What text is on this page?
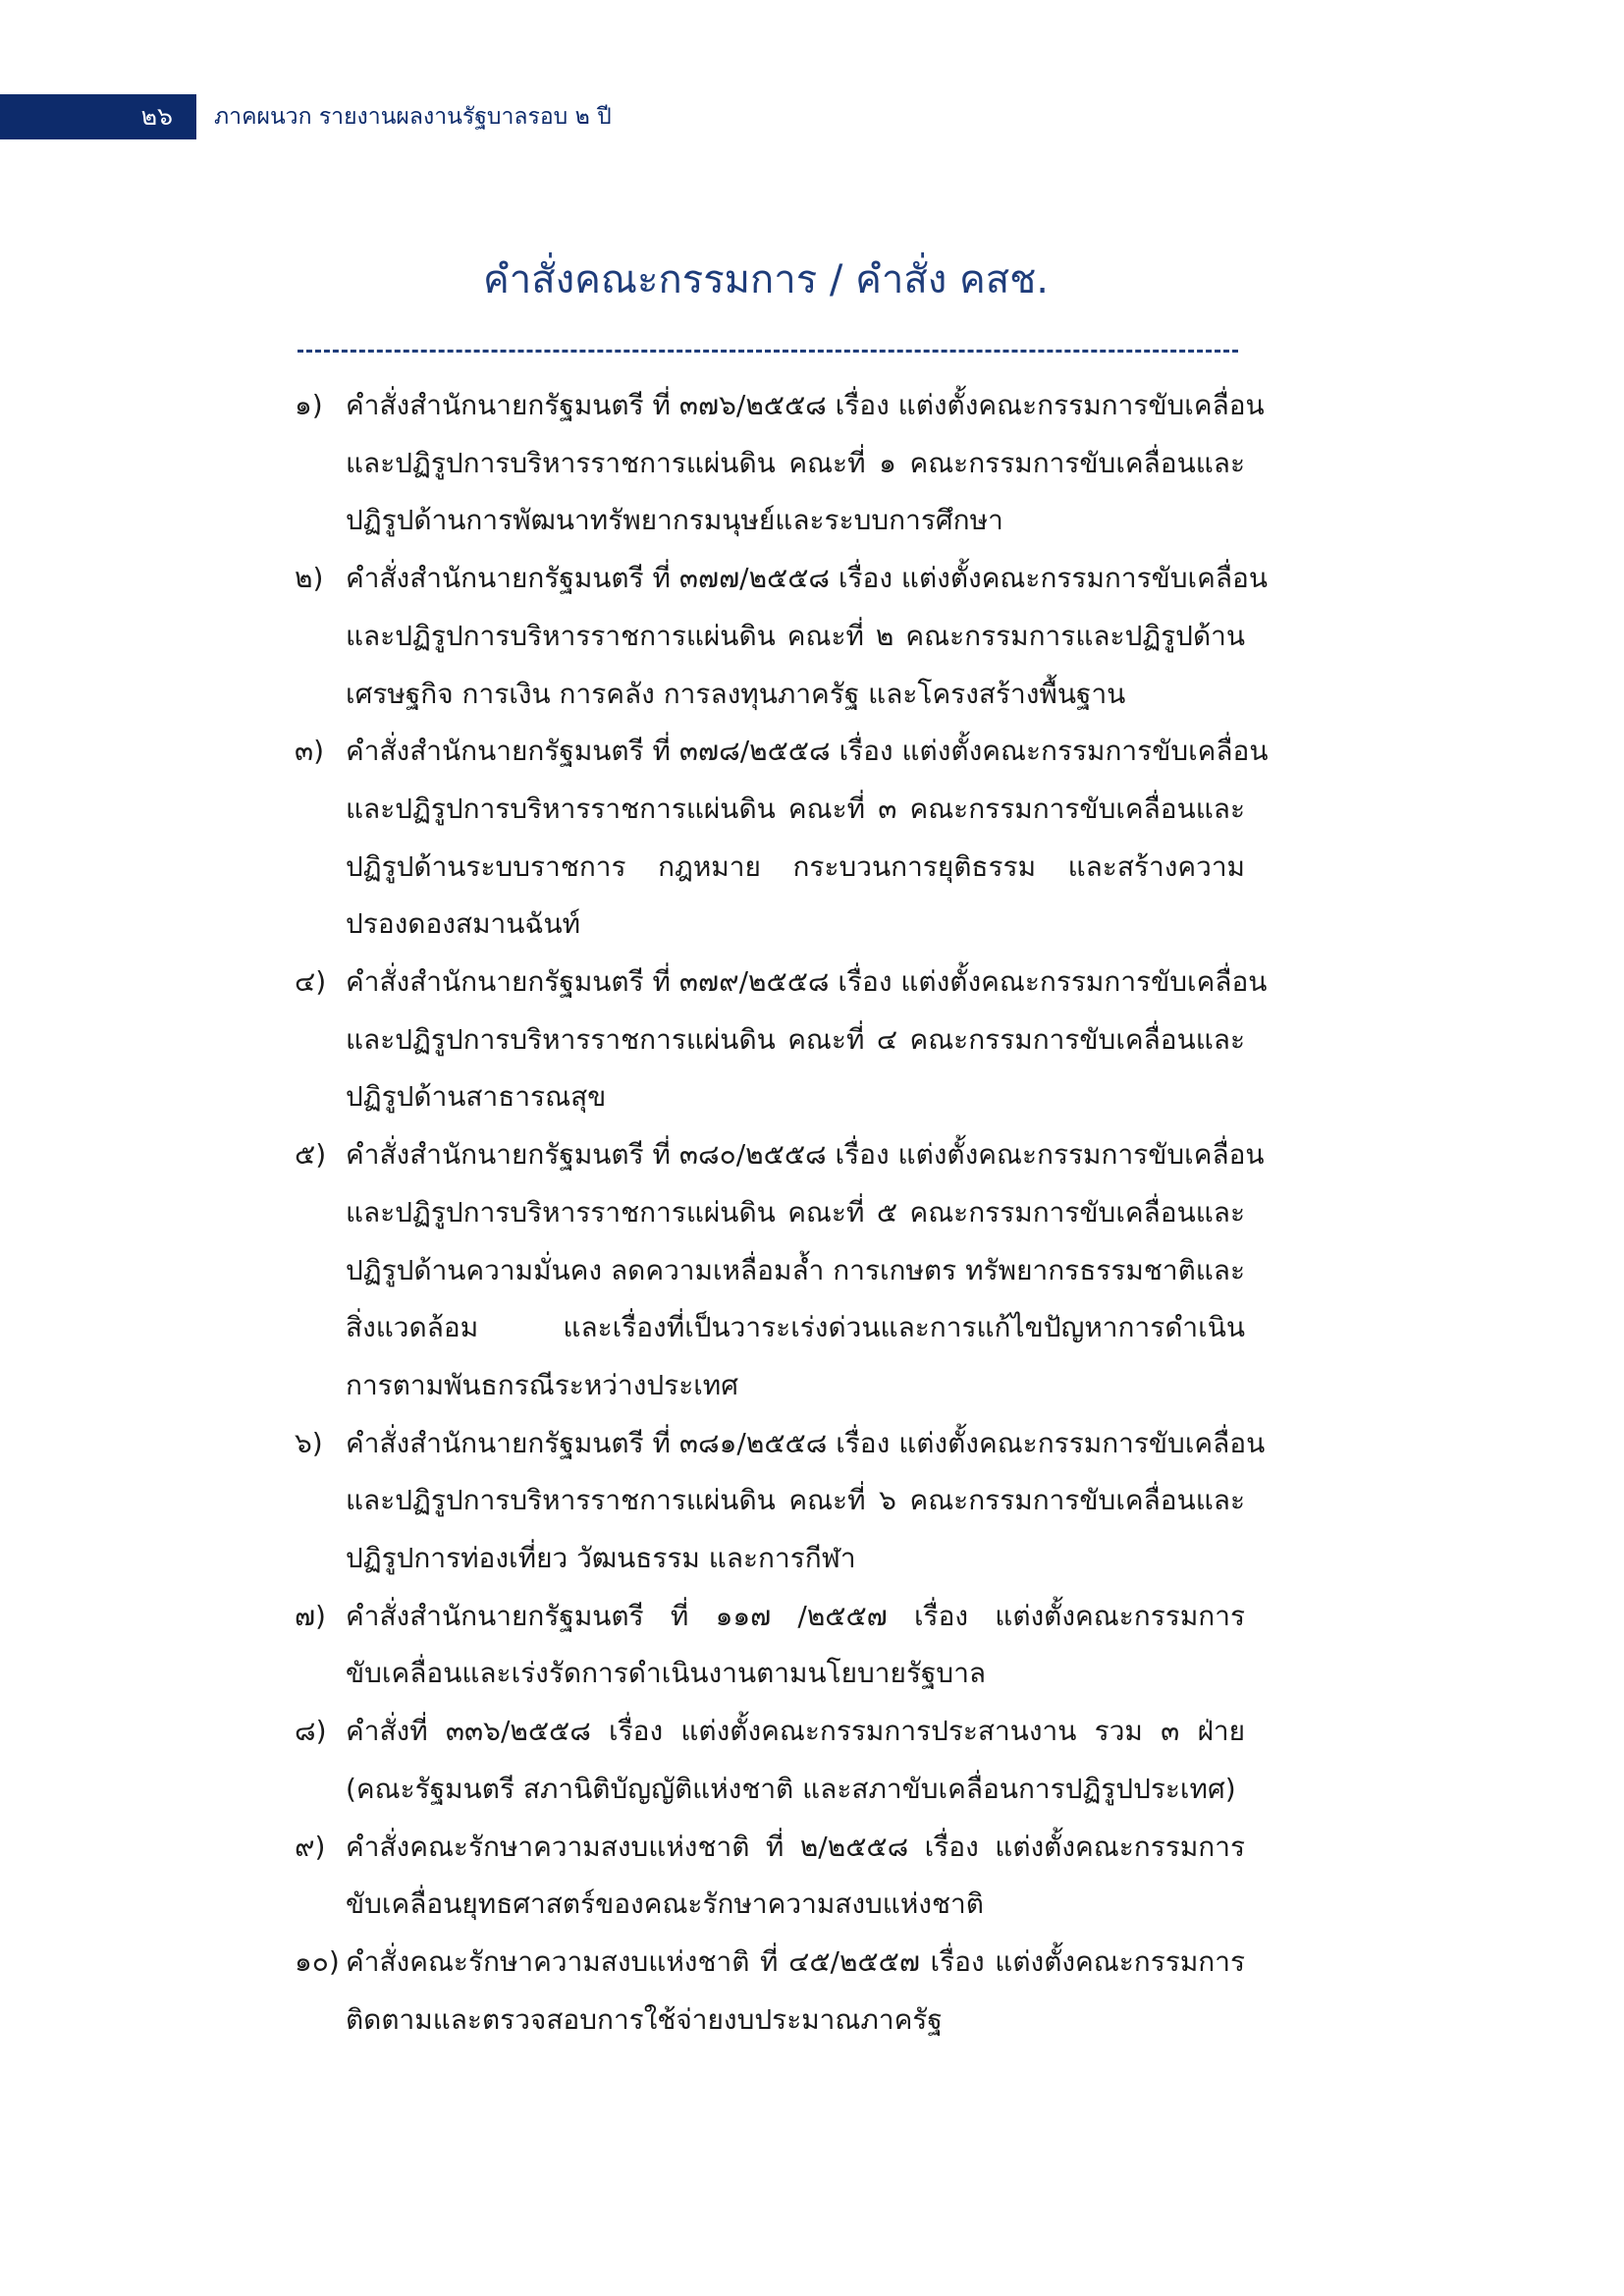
๒๖	ภาคผนวก รายงานผลงานรัฐบาลรอบ ๒ ปี
คำสั่งคณะกรรมการ / คำสั่ง คสช.
๑) คำสั่งสำนักนายกรัฐมนตรี ที่ ๓๗๖/๒๕๕๘ เรื่อง แต่งตั้งคณะกรรมการขับเคลื่อน
และปฏิรูปการบริหารราชการแผ่นดิน คณะที่ ๑ คณะกรรมการขับเคลื่อนและ
ปฏิรูปด้านการพัฒนาทรัพยากรมนุษย์และระบบการศึกษา
๒) คำสั่งสำนักนายกรัฐมนตรี ที่ ๓๗๗/๒๕๕๘ เรื่อง แต่งตั้งคณะกรรมการขับเคลื่อน
และปฏิรูปการบริหารราชการแผ่นดิน คณะที่ ๒ คณะกรรมการและปฏิรูปด้าน
เศรษฐกิจ การเงิน การคลัง การลงทุนภาครัฐ และโครงสร้างพื้นฐาน
๓) คำสั่งสำนักนายกรัฐมนตรี ที่ ๓๗๘/๒๕๕๘ เรื่อง แต่งตั้งคณะกรรมการขับเคลื่อน
และปฏิรูปการบริหารราชการแผ่นดิน คณะที่ ๓ คณะกรรมการขับเคลื่อนและ
ปฏิรูปด้านระบบราชการ กฎหมาย กระบวนการยุติธรรม และสร้างความ
ปรองดองสมานฉันท์
๔) คำสั่งสำนักนายกรัฐมนตรี ที่ ๓๗๙/๒๕๕๘ เรื่อง แต่งตั้งคณะกรรมการขับเคลื่อน
และปฏิรูปการบริหารราชการแผ่นดิน คณะที่ ๔ คณะกรรมการขับเคลื่อนและ
ปฏิรูปด้านสาธารณสุข
๕) คำสั่งสำนักนายกรัฐมนตรี ที่ ๓๘๐/๒๕๕๘ เรื่อง แต่งตั้งคณะกรรมการขับเคลื่อน
และปฏิรูปการบริหารราชการแผ่นดิน คณะที่ ๕ คณะกรรมการขับเคลื่อนและ
ปฏิรูปด้านความมั่นคง ลดความเหลื่อมล้ำ การเกษตร ทรัพยากรธรรมชาติและ
สิ่งแวดล้อม และเรื่องที่เป็นวาระเร่งด่วนและการแก้ไขปัญหาการดำเนิน
การตามพันธกรณีระหว่างประเทศ
๖) คำสั่งสำนักนายกรัฐมนตรี ที่ ๓๘๑/๒๕๕๘ เรื่อง แต่งตั้งคณะกรรมการขับเคลื่อน
และปฏิรูปการบริหารราชการแผ่นดิน คณะที่ ๖ คณะกรรมการขับเคลื่อนและ
ปฏิรูปการท่องเที่ยว วัฒนธรรม และการกีฬา
๗) คำสั่งสำนักนายกรัฐมนตรี ที่ ๑๑๗ /๒๕๕๗ เรื่อง แต่งตั้งคณะกรรมการ
ขับเคลื่อนและเร่งรัดการดำเนินงานตามนโยบายรัฐบาล
๘) คำสั่งที่ ๓๓๖/๒๕๕๘ เรื่อง แต่งตั้งคณะกรรมการประสานงาน รวม ๓ ฝ่าย
(คณะรัฐมนตรี สภานิติบัญญัติแห่งชาติ และสภาขับเคลื่อนการปฏิรูปประเทศ)
๙) คำสั่งคณะรักษาความสงบแห่งชาติ ที่ ๒/๒๕๕๘ เรื่อง แต่งตั้งคณะกรรมการ
ขับเคลื่อนยุทธศาสตร์ของคณะรักษาความสงบแห่งชาติ
๑๐) คำสั่งคณะรักษาความสงบแห่งชาติ ที่ ๔๕/๒๕๕๗ เรื่อง แต่งตั้งคณะกรรมการ
ติดตามและตรวจสอบการใช้จ่ายงบประมาณภาครัฐ
